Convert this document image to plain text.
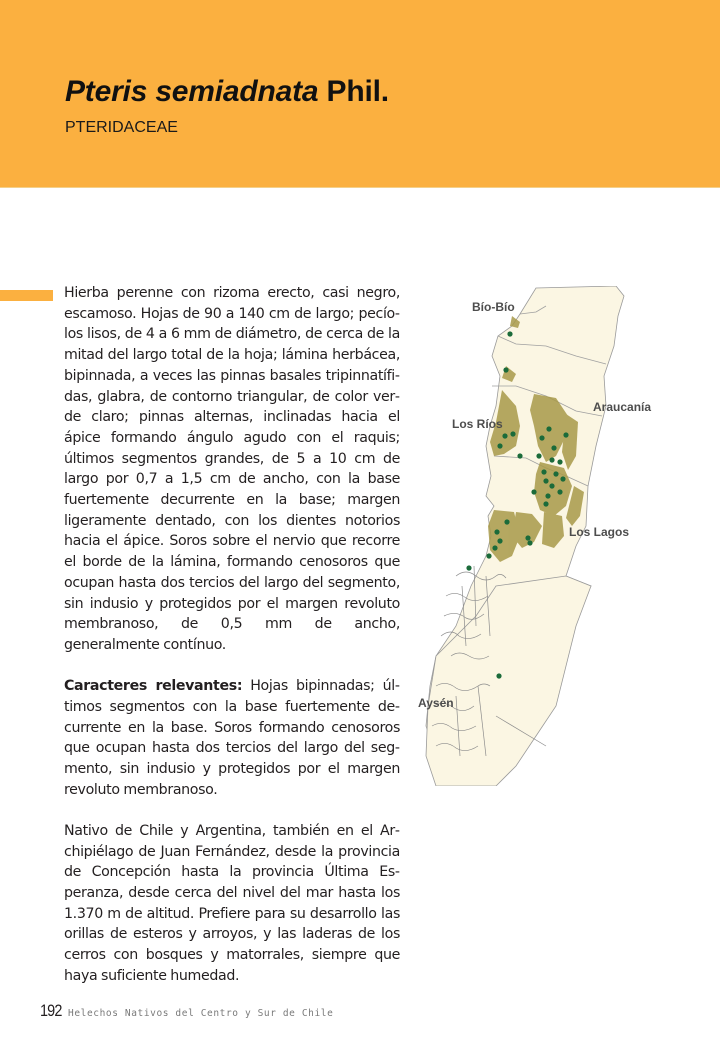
Pteris semiadnata Phil.
PTERIDACEAE

Hierba perenne con rizoma erecto, casi negro, escamoso. Hojas de 90 a 140 cm de largo; pecíolos lisos, de 4 a 6 mm de diámetro, de cerca de la mitad del largo total de la hoja; lámina herbácea, bipinnada, a veces las pinnas basales tripinnatífidas, glabra, de contorno triangular, de color verde claro; pinnas alternas, inclinadas hacia el ápice formando ángulo agudo con el raquis; últimos segmentos grandes, de 5 a 10 cm de largo por 0,7 a 1,5 cm de ancho, con la base fuertemente decurrente en la base; margen ligeramente dentado, con los dientes notorios hacia el ápice. Soros sobre el nervio que recorre el borde de la lámina, formando cenosoros que ocupan hasta dos tercios del largo del segmento, sin indusio y protegidos por el margen revoluto membranoso, de 0,5 mm de ancho, generalmente contínuo.

Caracteres relevantes: Hojas bipinnadas; últimos segmentos con la base fuertemente decurrente en la base. Soros formando cenosoros que ocupan hasta dos tercios del largo del segmento, sin indusio y protegidos por el margen revoluto membranoso.

Nativo de Chile y Argentina, también en el Archipiélago de Juan Fernández, desde la provincia de Concepción hasta la provincia Última Esperanza, desde cerca del nivel del mar hasta los 1.370 m de altitud. Prefiere para su desarrollo las orillas de esteros y arroyos, y las laderas de los cerros con bosques y matorrales, siempre que haya suficiente humedad.

Bío-Bío
Araucanía
Los Ríos
Los Lagos
Aysén
192 Helechos Nativos del Centro y Sur de Chile
